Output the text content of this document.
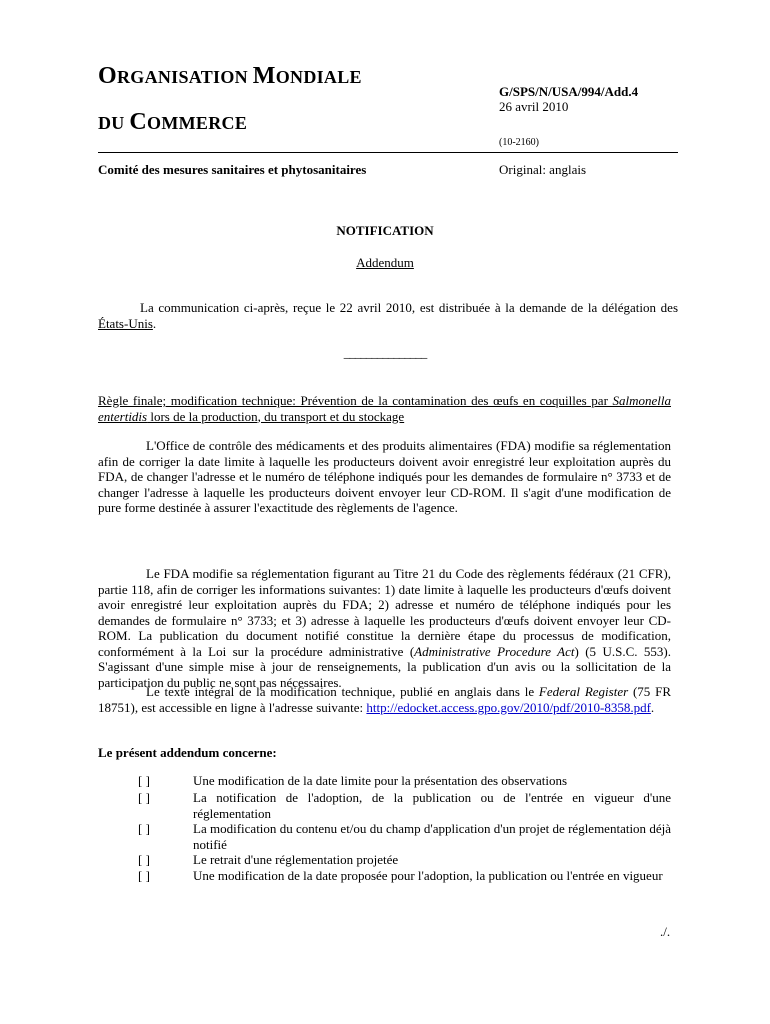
ORGANISATION MONDIALE
DU COMMERCE
G/SPS/N/USA/994/Add.4
26 avril 2010
(10-2160)
Comité des mesures sanitaires et phytosanitaires	Original: anglais
NOTIFICATION
Addendum
La communication ci-après, reçue le 22 avril 2010, est distribuée à la demande de la délégation des États-Unis.
_______________
Règle finale; modification technique: Prévention de la contamination des œufs en coquilles par Salmonella entertidis lors de la production, du transport et du stockage
L'Office de contrôle des médicaments et des produits alimentaires (FDA) modifie sa réglementation afin de corriger la date limite à laquelle les producteurs doivent avoir enregistré leur exploitation auprès du FDA, de changer l'adresse et le numéro de téléphone indiqués pour les demandes de formulaire n° 3733 et de changer l'adresse à laquelle les producteurs doivent envoyer leur CD-ROM. Il s'agit d'une modification de pure forme destinée à assurer l'exactitude des règlements de l'agence.
Le FDA modifie sa réglementation figurant au Titre 21 du Code des règlements fédéraux (21 CFR), partie 118, afin de corriger les informations suivantes: 1) date limite à laquelle les producteurs d'œufs doivent avoir enregistré leur exploitation auprès du FDA; 2) adresse et numéro de téléphone indiqués pour les demandes de formulaire n° 3733; et 3) adresse à laquelle les producteurs d'œufs doivent envoyer leur CD-ROM. La publication du document notifié constitue la dernière étape du processus de modification, conformément à la Loi sur la procédure administrative (Administrative Procedure Act) (5 U.S.C. 553). S'agissant d'une simple mise à jour de renseignements, la publication d'un avis ou la sollicitation de la participation du public ne sont pas nécessaires.
Le texte intégral de la modification technique, publié en anglais dans le Federal Register (75 FR 18751), est accessible en ligne à l'adresse suivante: http://edocket.access.gpo.gov/2010/pdf/2010-8358.pdf.
Le présent addendum concerne:
[ ]	Une modification de la date limite pour la présentation des observations
[ ]	La notification de l'adoption, de la publication ou de l'entrée en vigueur d'une réglementation
[ ]	La modification du contenu et/ou du champ d'application d'un projet de réglementation déjà notifié
[ ]	Le retrait d'une réglementation projetée
[ ]	Une modification de la date proposée pour l'adoption, la publication ou l'entrée en vigueur
./.
